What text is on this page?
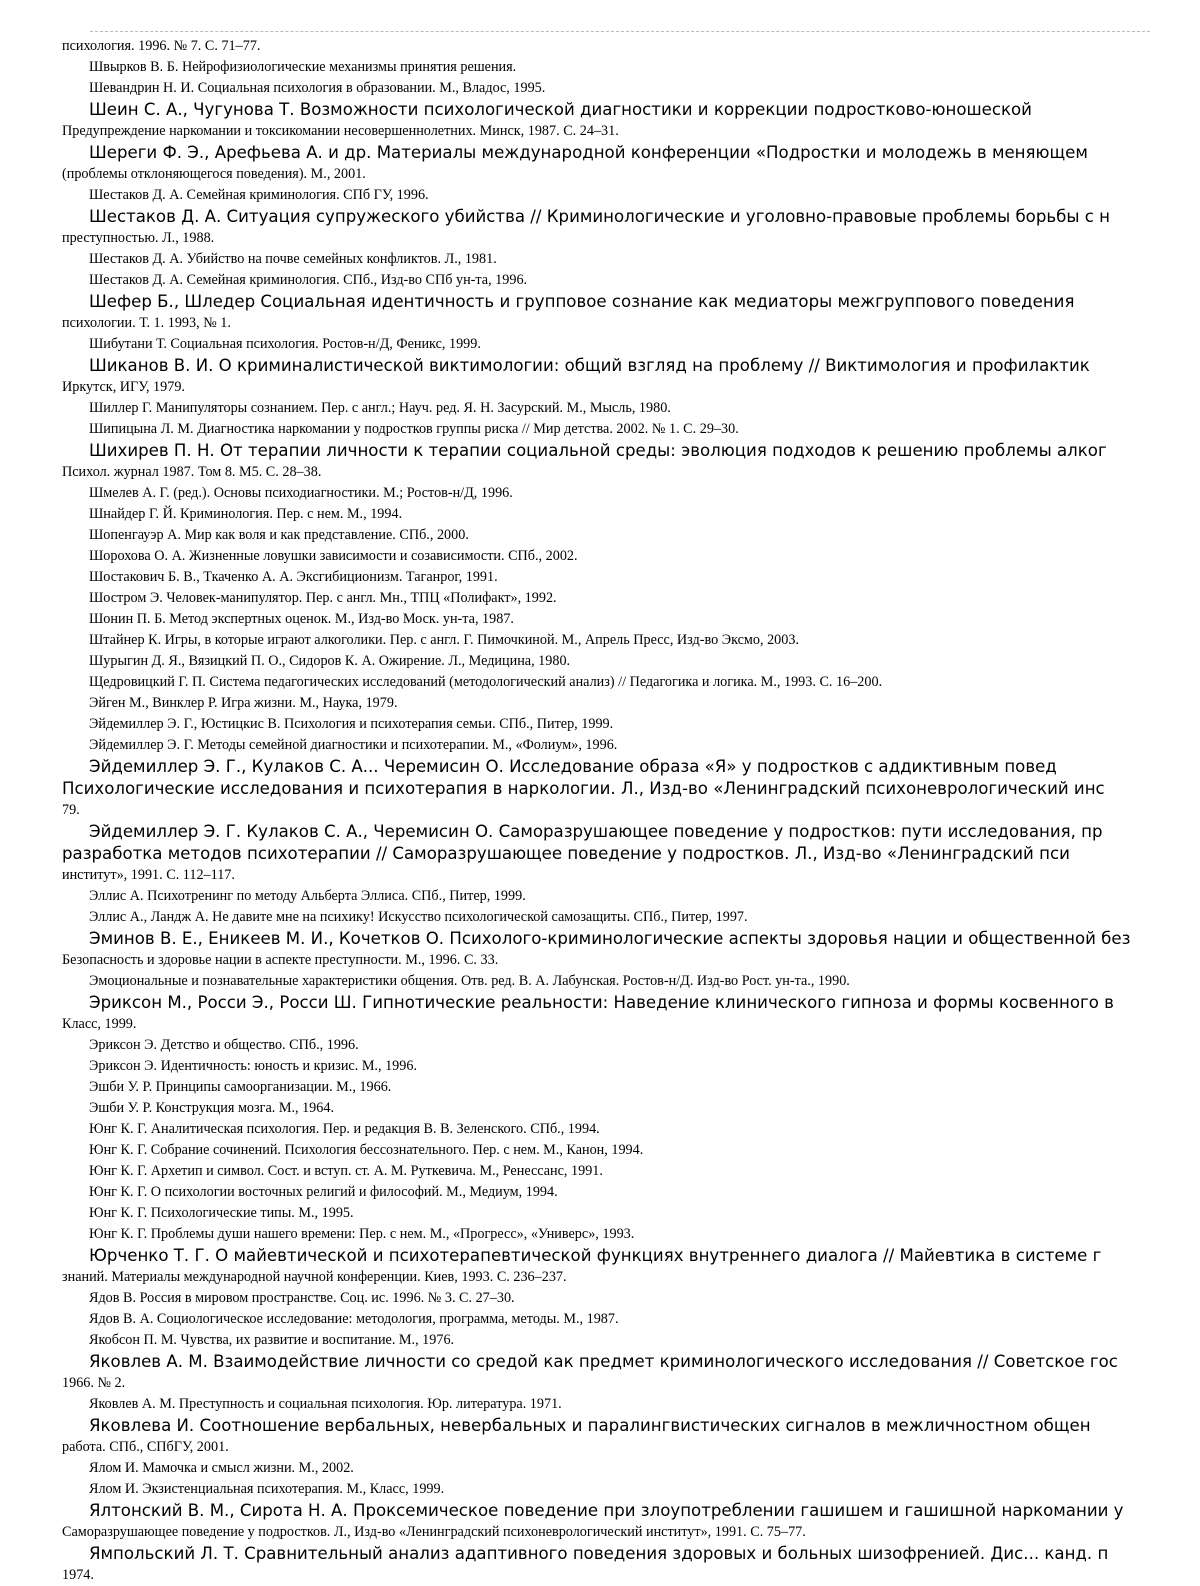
психология. 1996. № 7. С. 71–77.
Швырков В. Б. Нейрофизиологические механизмы принятия решения.
Шевандрин Н. И. Социальная психология в образовании. М., Владос, 1995.
Шеин С. А., Чугунова Т. Возможности психологической диагностики и коррекции подростково-юношеской
Предупреждение наркомании и токсикомании несовершеннолетних. Минск, 1987. С. 24–31.
Шереги Ф. Э., Арефьева А. и др. Материалы международной конференции «Подростки и молодежь в меняющем
(проблемы отклоняющегося поведения). М., 2001.
Шестаков Д. А. Семейная криминология. СПб ГУ, 1996.
Шестаков Д. А. Ситуация супружеского убийства // Криминологические и уголовно-правовые проблемы борьбы с н
преступностью. Л., 1988.
Шестаков Д. А. Убийство на почве семейных конфликтов. Л., 1981.
Шестаков Д. А. Семейная криминология. СПб., Изд-во СПб ун-та, 1996.
Шефер Б., Шледер Социальная идентичность и групповое сознание как медиаторы межгруппового поведения
психологии. Т. 1. 1993, № 1.
Шибутани Т. Социальная психология. Ростов-н/Д, Феникс, 1999.
Шиканов В. И. О криминалистической виктимологии: общий взгляд на проблему // Виктимология и профилактик
Иркутск, ИГУ, 1979.
Шиллер Г. Манипуляторы сознанием. Пер. с англ.; Науч. ред. Я. Н. Засурский. М., Мысль, 1980.
Шипицына Л. М. Диагностика наркомании у подростков группы риска // Мир детства. 2002. № 1. С. 29–30.
Шихирев П. Н. От терапии личности к терапии социальной среды: эволюция подходов к решению проблемы алког
Психол. журнал 1987. Том 8. М5. С. 28–38.
Шмелев А. Г. (ред.). Основы психодиагностики. М.; Ростов-н/Д, 1996.
Шнайдер Г. Й. Криминология. Пер. с нем. М., 1994.
Шопенгауэр А. Мир как воля и как представление. СПб., 2000.
Шорохова О. А. Жизненные ловушки зависимости и созависимости. СПб., 2002.
Шостакович Б. В., Ткаченко А. А. Эксгибиционизм. Таганрог, 1991.
Шостром Э. Человек-манипулятор. Пер. с англ. Мн., ТПЦ «Полифакт», 1992.
Шонин П. Б. Метод экспертных оценок. М., Изд-во Моск. ун-та, 1987.
Штайнер К. Игры, в которые играют алкоголики. Пер. с англ. Г. Пимочкиной. М., Апрель Пресс, Изд-во Эксмо, 2003.
Шурыгин Д. Я., Вязицкий П. О., Сидоров К. А. Ожирение. Л., Медицина, 1980.
Щедровицкий Г. П. Система педагогических исследований (методологический анализ) // Педагогика и логика. М., 1993. С. 16–200.
Эйген М., Винклер Р. Игра жизни. М., Наука, 1979.
Эйдемиллер Э. Г., Юстицкис В. Психология и психотерапия семьи. СПб., Питер, 1999.
Эйдемиллер Э. Г. Методы семейной диагностики и психотерапии. М., «Фолиум», 1996.
Эйдемиллер Э. Г., Кулаков С. А... Черемисин О. Исследование образа «Я» у подростков с аддиктивным повед
Психологические исследования и психотерапия в наркологии. Л., Изд-во «Ленинградский психоневрологический инс
79.
Эйдемиллер Э. Г. Кулаков С. А., Черемисин О. Саморазрушающее поведение у подростков: пути исследования, пр
разработка методов психотерапии // Саморазрушающее поведение у подростков. Л., Изд-во «Ленинградский пси
институт», 1991. С. 112–117.
Эллис А. Психотренинг по методу Альберта Эллиса. СПб., Питер, 1999.
Эллис А., Ландж А. Не давите мне на психику! Искусство психологической самозащиты. СПб., Питер, 1997.
Эминов В. Е., Еникеев М. И., Кочетков О. Психолого-криминологические аспекты здоровья нации и общественной без
Безопасность и здоровье нации в аспекте преступности. М., 1996. С. 33.
Эмоциональные и познавательные характеристики общения. Отв. ред. В. А. Лабунская. Ростов-н/Д. Изд-во Рост. ун-та., 1990.
Эриксон М., Росси Э., Росси Ш. Гипнотические реальности: Наведение клинического гипноза и формы косвенного в
Класс, 1999.
Эриксон Э. Детство и общество. СПб., 1996.
Эриксон Э. Идентичность: юность и кризис. М., 1996.
Эшби У. Р. Принципы самоорганизации. М., 1966.
Эшби У. Р. Конструкция мозга. М., 1964.
Юнг К. Г. Аналитическая психология. Пер. и редакция В. В. Зеленского. СПб., 1994.
Юнг К. Г. Собрание сочинений. Психология бессознательного. Пер. с нем. М., Канон, 1994.
Юнг К. Г. Архетип и символ. Сост. и вступ. ст. А. М. Руткевича. М., Ренессанс, 1991.
Юнг К. Г. О психологии восточных религий и философий. М., Медиум, 1994.
Юнг К. Г. Психологические типы. М., 1995.
Юнг К. Г. Проблемы души нашего времени: Пер. с нем. М., «Прогресс», «Универс», 1993.
Юрченко Т. Г. О майевтической и психотерапевтической функциях внутреннего диалога // Майевтика в системе г
знаний. Материалы международной научной конференции. Киев, 1993. С. 236–237.
Ядов В. Россия в мировом пространстве. Соц. ис. 1996. № 3. С. 27–30.
Ядов В. А. Социологическое исследование: методология, программа, методы. М., 1987.
Якобсон П. М. Чувства, их развитие и воспитание. М., 1976.
Яковлев А. М. Взаимодействие личности со средой как предмет криминологического исследования // Советское гос
1966. № 2.
Яковлев А. М. Преступность и социальная психология. Юр. литература. 1971.
Яковлева И. Соотношение вербальных, невербальных и паралингвистических сигналов в межличностном общен
работа. СПб., СПбГУ, 2001.
Ялом И. Мамочка и смысл жизни. М., 2002.
Ялом И. Экзистенциальная психотерапия. М., Класс, 1999.
Ялтонский В. М., Сирота Н. А. Проксемическое поведение при злоупотреблении гашишем и гашишной наркомании у
Саморазрушающее поведение у подростков. Л., Изд-во «Ленинградский психоневрологический институт», 1991. С. 75–77.
Ямпольский Л. Т. Сравнительный анализ адаптивного поведения здоровых и больных шизофренией. Дис... канд. п
1974.
